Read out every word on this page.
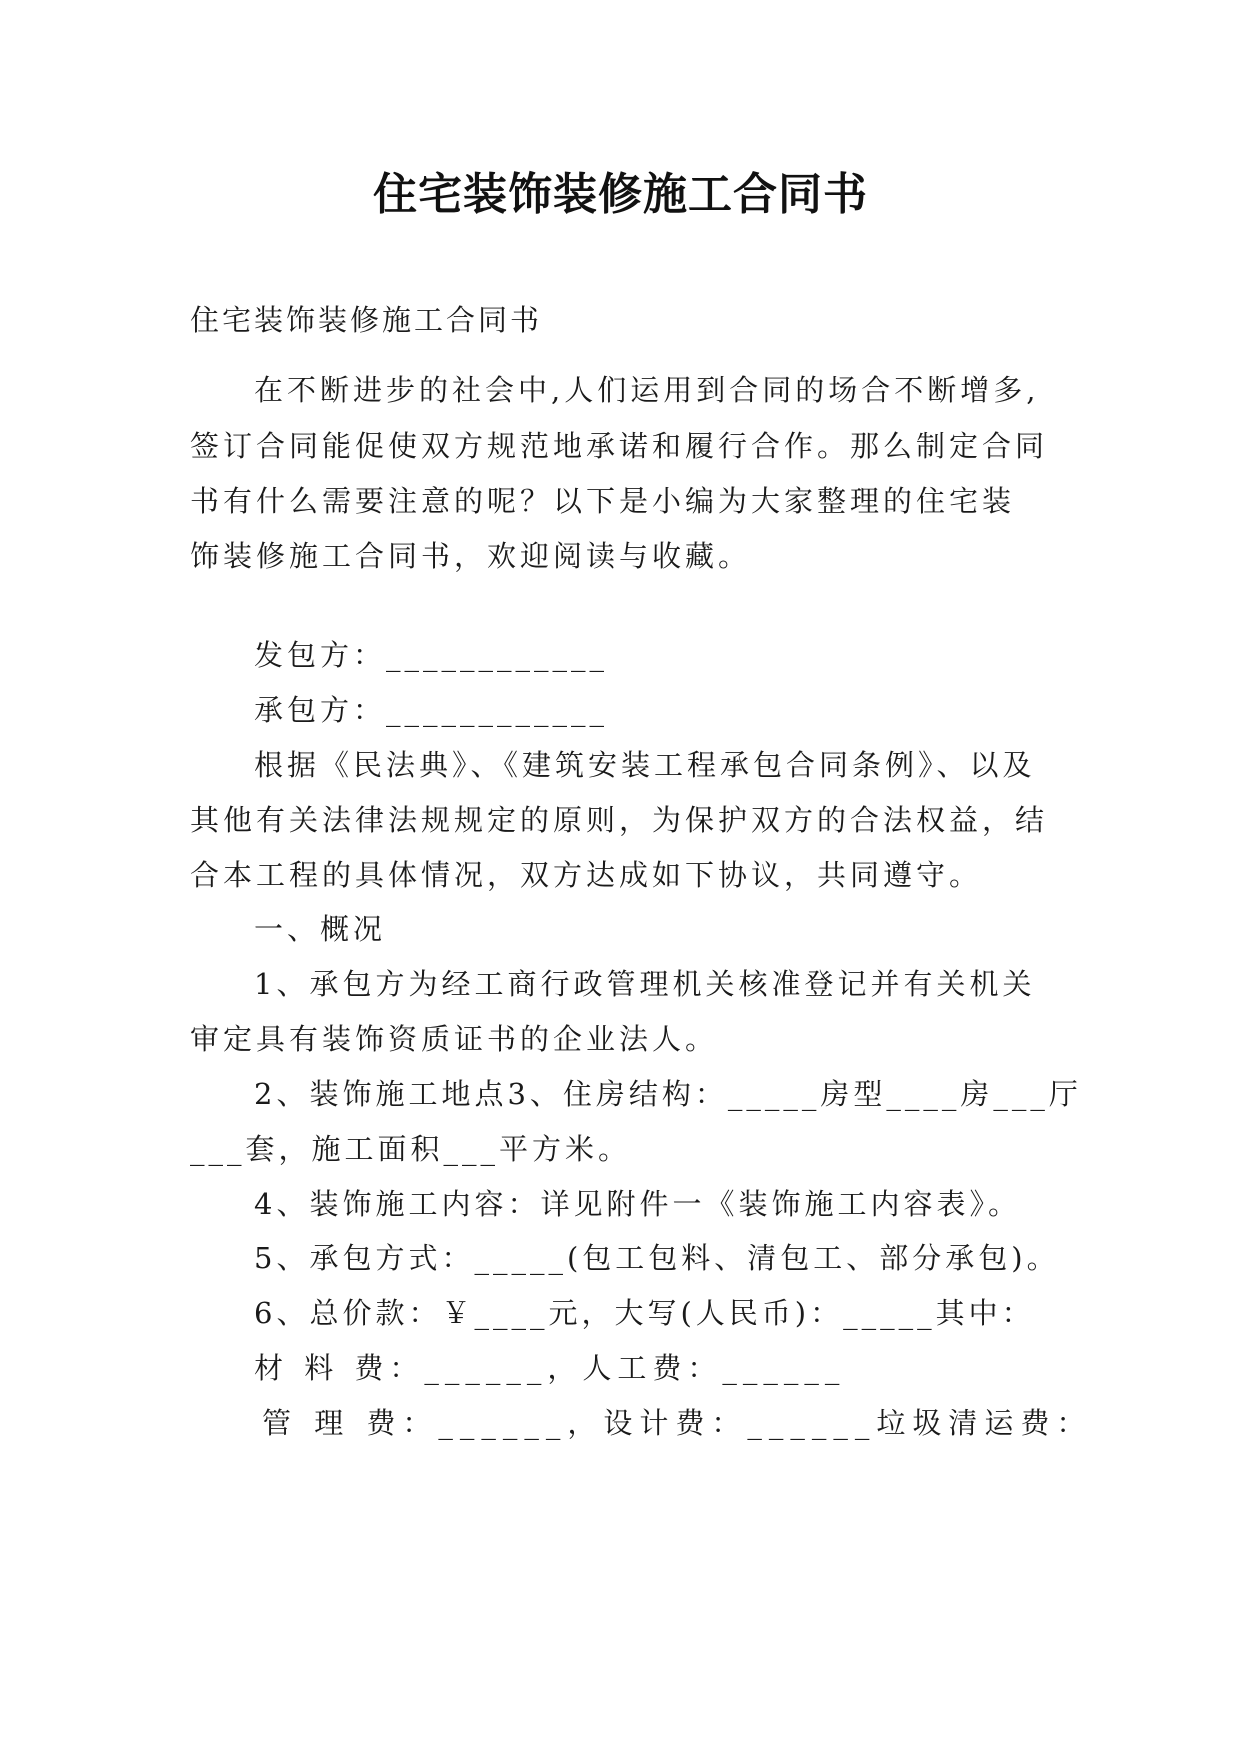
住宅装饰装修施工合同书
住宅装饰装修施工合同书
在不断进步的社会中,人们运用到合同的场合不断增多,
签订合同能促使双方规范地承诺和履行合作。那么制定合同
书有什么需要注意的呢？以下是小编为大家整理的住宅装
饰装修施工合同书，欢迎阅读与收藏。
发包方：____________
承包方：____________
根据《民法典》、《建筑安装工程承包合同条例》、以及
其他有关法律法规规定的原则，为保护双方的合法权益，结
合本工程的具体情况，双方达成如下协议，共同遵守。
一、概况
1、承包方为经工商行政管理机关核准登记并有关机关
审定具有装饰资质证书的企业法人。
2、装饰施工地点3、住房结构：_____房型____房___厅
___套，施工面积___平方米。
4、装饰施工内容：详见附件一《装饰施工内容表》。
5、承包方式：_____(包工包料、清包工、部分承包)。
6、总价款：￥____元，大写(人民币)：_____其中：
材 料 费：______，人工费：______
管 理 费：______，设计费：______垃圾清运费：
